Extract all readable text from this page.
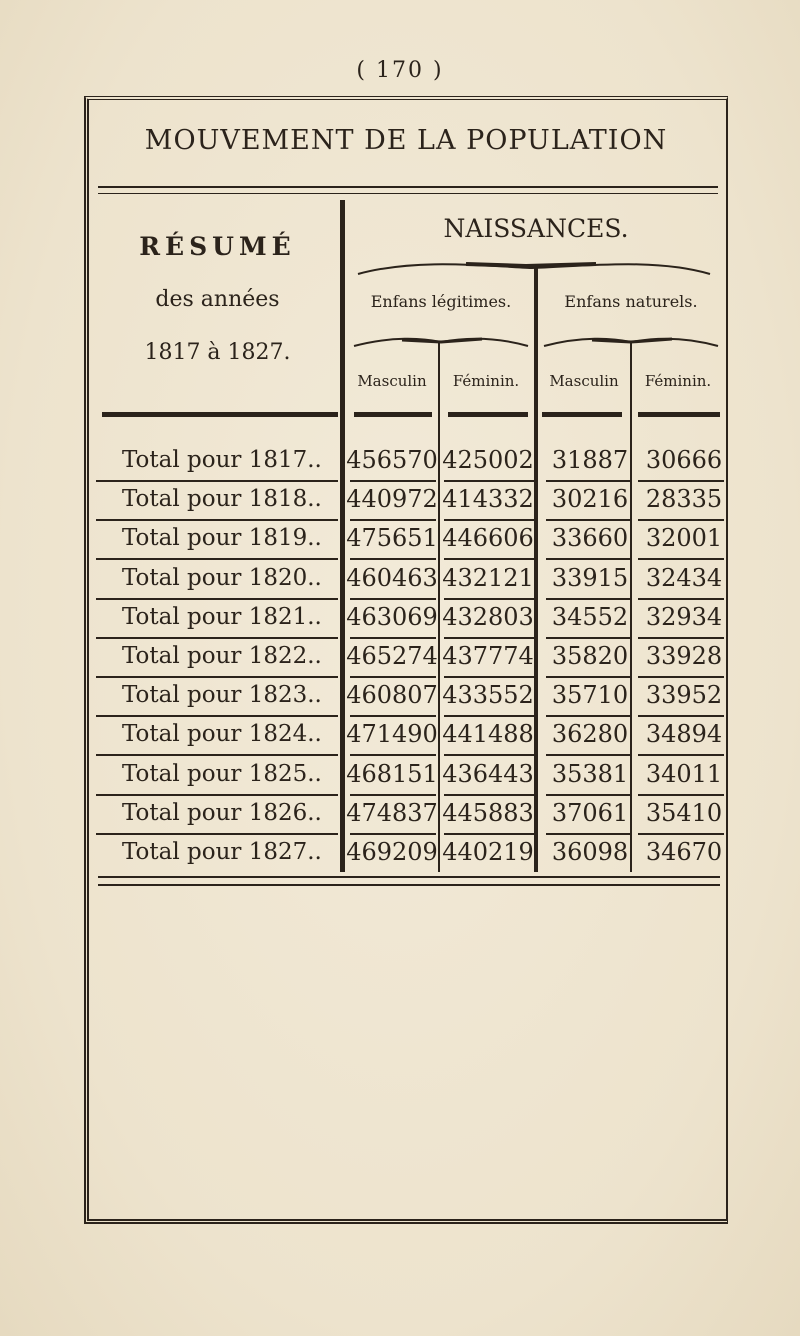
( 170 )
MOUVEMENT DE LA POPULATION
RÉSUMÉ
des années
1817 à 1827.
NAISSANCES.
Enfans légitimes.	Enfans naturels.
Masculin	Féminin.	Masculin	Féminin.
Total pour 1817.. 456570 425002 31887 30666
Total pour 1818.. 440972 414332 30216 28335
Total pour 1819.. 475651 446606 33660 32001
Total pour 1820.. 460463 432121 33915 32434
Total pour 1821.. 463069 432803 34552 32934
Total pour 1822.. 465274 437774 35820 33928
Total pour 1823.. 460807 433552 35710 33952
Total pour 1824.. 471490 441488 36280 34894
Total pour 1825.. 468151 436443 35381 34011
Total pour 1826.. 474837 445883 37061 35410
Total pour 1827.. 469209 440219 36098 34670
